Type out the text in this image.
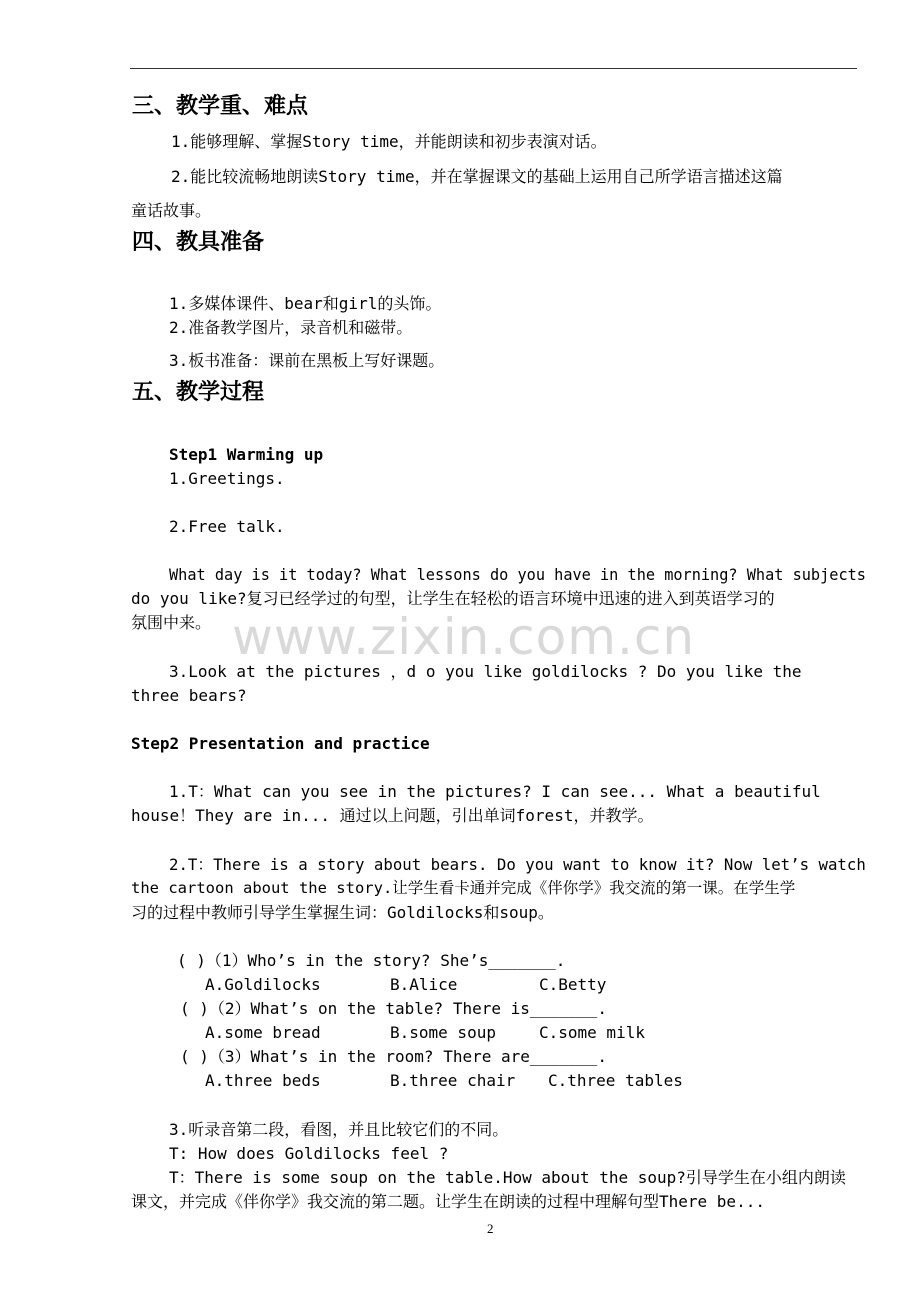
www.zixin.com.cn
三、教学重、难点
1.能够理解、掌握Story time，并能朗读和初步表演对话。
2.能比较流畅地朗读Story time，并在掌握课文的基础上运用自己所学语言描述这篇
童话故事。
四、教具准备
1.多媒体课件、bear和girl的头饰。
2.准备教学图片，录音机和磁带。
3.板书准备：课前在黑板上写好课题。
五、教学过程
Step1 Warming up
1.Greetings.
2.Free talk.
What day is it today? What lessons do you have in the morning? What subjects
do you like?复习已经学过的句型，让学生在轻松的语言环境中迅速的进入到英语学习的
氛围中来。
3.Look at the pictures ，d o you like goldilocks ? Do you like the
three bears?
Step2 Presentation and practice
1.T：What can you see in the pictures? I can see... What a beautiful
house！They are in... 通过以上问题，引出单词forest，并教学。
2.T：There is a story about bears. Do you want to know it? Now let’s watch
the cartoon about the story.让学生看卡通并完成《伴你学》我交流的第一课。在学生学
习的过程中教师引导学生掌握生词：Goldilocks和soup。
( )（1）Who’s in the story? She’s_______.
A.Goldilocks	B.Alice	C.Betty
( )（2）What’s on the table? There is_______.
A.some bread	B.some soup	C.some milk
( )（3）What’s in the room? There are_______.
A.three beds	B.three chair C.three tables
3.听录音第二段，看图，并且比较它们的不同。
T: How does Goldilocks feel ?
T：There is some soup on the table.How about the soup?引导学生在小组内朗读
课文，并完成《伴你学》我交流的第二题。让学生在朗读的过程中理解句型There be...
2
